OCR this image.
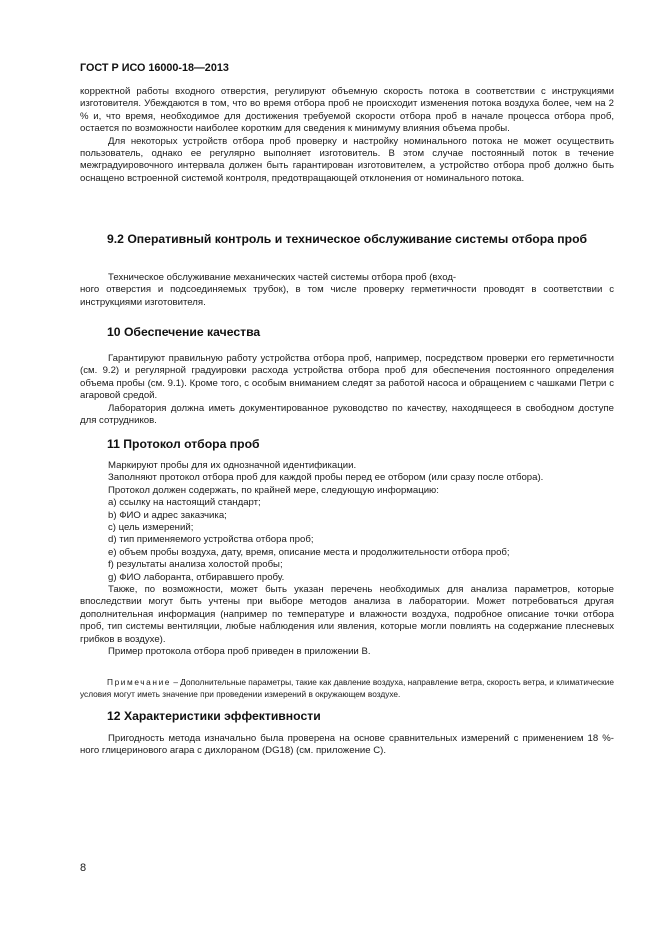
ГОСТ Р ИСО 16000-18—2013

корректной работы входного отверстия, регулируют объемную скорость потока в соответствии с инструкциями изготовителя. Убеждаются в том, что во время отбора проб не происходит изменения потока воздуха более, чем на 2 % и, что время, необходимое для достижения требуемой скорости отбора проб в начале процесса отбора проб, остается по возможности наиболее коротким для сведения к минимуму влияния объема пробы.

Для некоторых устройств отбора проб проверку и настройку номинального потока не может осуществить пользователь, однако ее регулярно выполняет изготовитель. В этом случае постоянный поток в течение межградуировочного интервала должен быть гарантирован изготовителем, а устройство отбора проб должно быть оснащено встроенной системой контроля, предотвращающей отклонения от номинального потока.

9.2 Оперативный контроль и техническое обслуживание системы отбора проб

Техническое обслуживание механических частей системы отбора проб (вход-

ного отверстия и подсоединяемых трубок), в том числе проверку герметичности проводят в соответствии с инструкциями изготовителя.

10 Обеспечение качества

Гарантируют правильную работу устройства отбора проб, например, посредством проверки его герметичности (см. 9.2) и регулярной градуировки расхода устройства отбора проб для обеспечения постоянного определения объема пробы (см. 9.1). Кроме того, с особым вниманием следят за работой насоса и обращением с чашками Петри с агаровой средой.

Лаборатория должна иметь документированное руководство по качеству, находящееся в свободном доступе для сотрудников.

11 Протокол отбора проб

Маркируют пробы для их однозначной идентификации.

Заполняют протокол отбора проб для каждой пробы перед ее отбором (или сразу после отбора).

Протокол должен содержать, по крайней мере, следующую информацию:

a) ссылку на настоящий стандарт;

b) ФИО и адрес заказчика;

c) цель измерений;

d) тип применяемого устройства отбора проб;

e) объем пробы воздуха, дату, время, описание места и продолжительности отбора проб;

f) результаты анализа холостой пробы;

g) ФИО лаборанта, отбиравшего пробу.

Также, по возможности, может быть указан перечень необходимых для анализа параметров, которые впоследствии могут быть учтены при выборе методов анализа в лаборатории. Может потребоваться другая дополнительная информация (например по температуре и влажности воздуха, подробное описание точки отбора проб, тип системы вентиляции, любые наблюдения или явления, которые могли повлиять на содержание плесневых грибков в воздухе).

Пример протокола отбора проб приведен в приложении B.

Примечание – Дополнительные параметры, такие как давление воздуха, направление ветра, скорость ветра, и климатические условия могут иметь значение при проведении измерений в окружающем воздухе.
12 Характеристики эффективности

Пригодность метода изначально была проверена на основе сравнительных измерений с применением 18 %-ного глицеринового агара с дихлораном (DG18) (см. приложение C).

8
